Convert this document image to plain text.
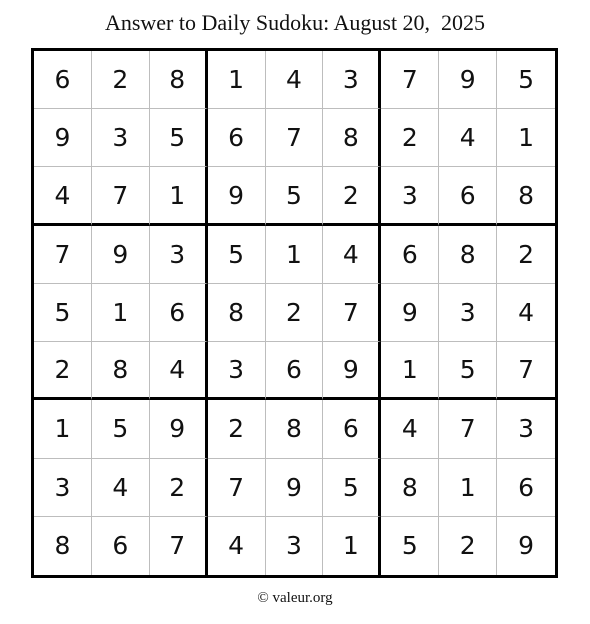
Answer to Daily Sudoku: August 20,  2025
6	2	8	1	4	3	7	9	5
9	3	5	6	7	8	2	4	1
4	7	1	9	5	2	3	6	8
7	9	3	5	1	4	6	8	2
5	1	6	8	2	7	9	3	4
2	8	4	3	6	9	1	5	7
1	5	9	2	8	6	4	7	3
3	4	2	7	9	5	8	1	6
8	6	7	4	3	1	5	2	9
© valeur.org
